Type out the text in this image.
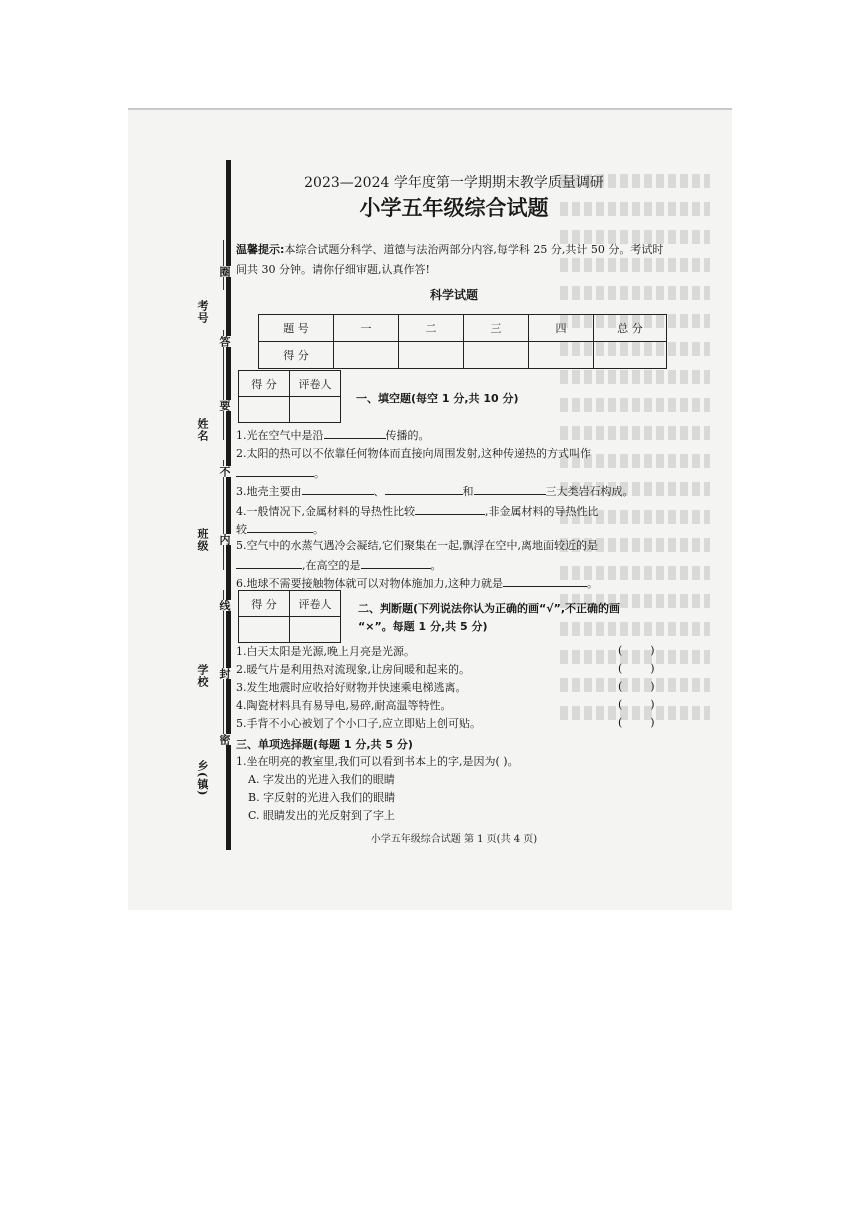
考号
姓名
班级
学校
乡(镇)
圈
答
要
不
内
线
封
密
2023—2024 学年度第一学期期末教学质量调研
小学五年级综合试题
温馨提示:本综合试题分科学、道德与法治两部分内容,每学科 25 分,共计 50 分。考试时间共 30 分钟。请你仔细审题,认真作答!
科学试题
题 号	一	二	三	四	总 分
得 分					
得 分	评卷人

一、填空题(每空 1 分,共 10 分)
1.光在空气中是沿	传播的。
2.太阳的热可以不依靠任何物体而直接向周围发射,这种传递热的方式叫作
。
3.地壳主要由	、	和	三大类岩石构成。
4.一般情况下,金属材料的导热性比较	,非金属材料的导热性比
较	。
5.空气中的水蒸气遇冷会凝结,它们聚集在一起,飘浮在空中,离地面较近的是
,在高空的是	。
6.地球不需要接触物体就可以对物体施加力,这种力就是	。
得 分	评卷人
	二、判断题(下列说法你认为正确的画“√”,不正确的画
“×”。每题 1 分,共 5 分)
1.白天太阳是光源,晚上月亮是光源。	()
2.暖气片是利用热对流现象,让房间暖和起来的。	()
3.发生地震时应收拾好财物并快速乘电梯逃离。	()
4.陶瓷材料具有易导电,易碎,耐高温等特性。	()
5.手背不小心被划了个小口子,应立即贴上创可贴。	()
三、单项选择题(每题 1 分,共 5 分)
1.坐在明亮的教室里,我们可以看到书本上的字,是因为( )。
A. 字发出的光进入我们的眼睛
B. 字反射的光进入我们的眼睛
C. 眼睛发出的光反射到了字上
小学五年级综合试题 第 1 页(共 4 页)
